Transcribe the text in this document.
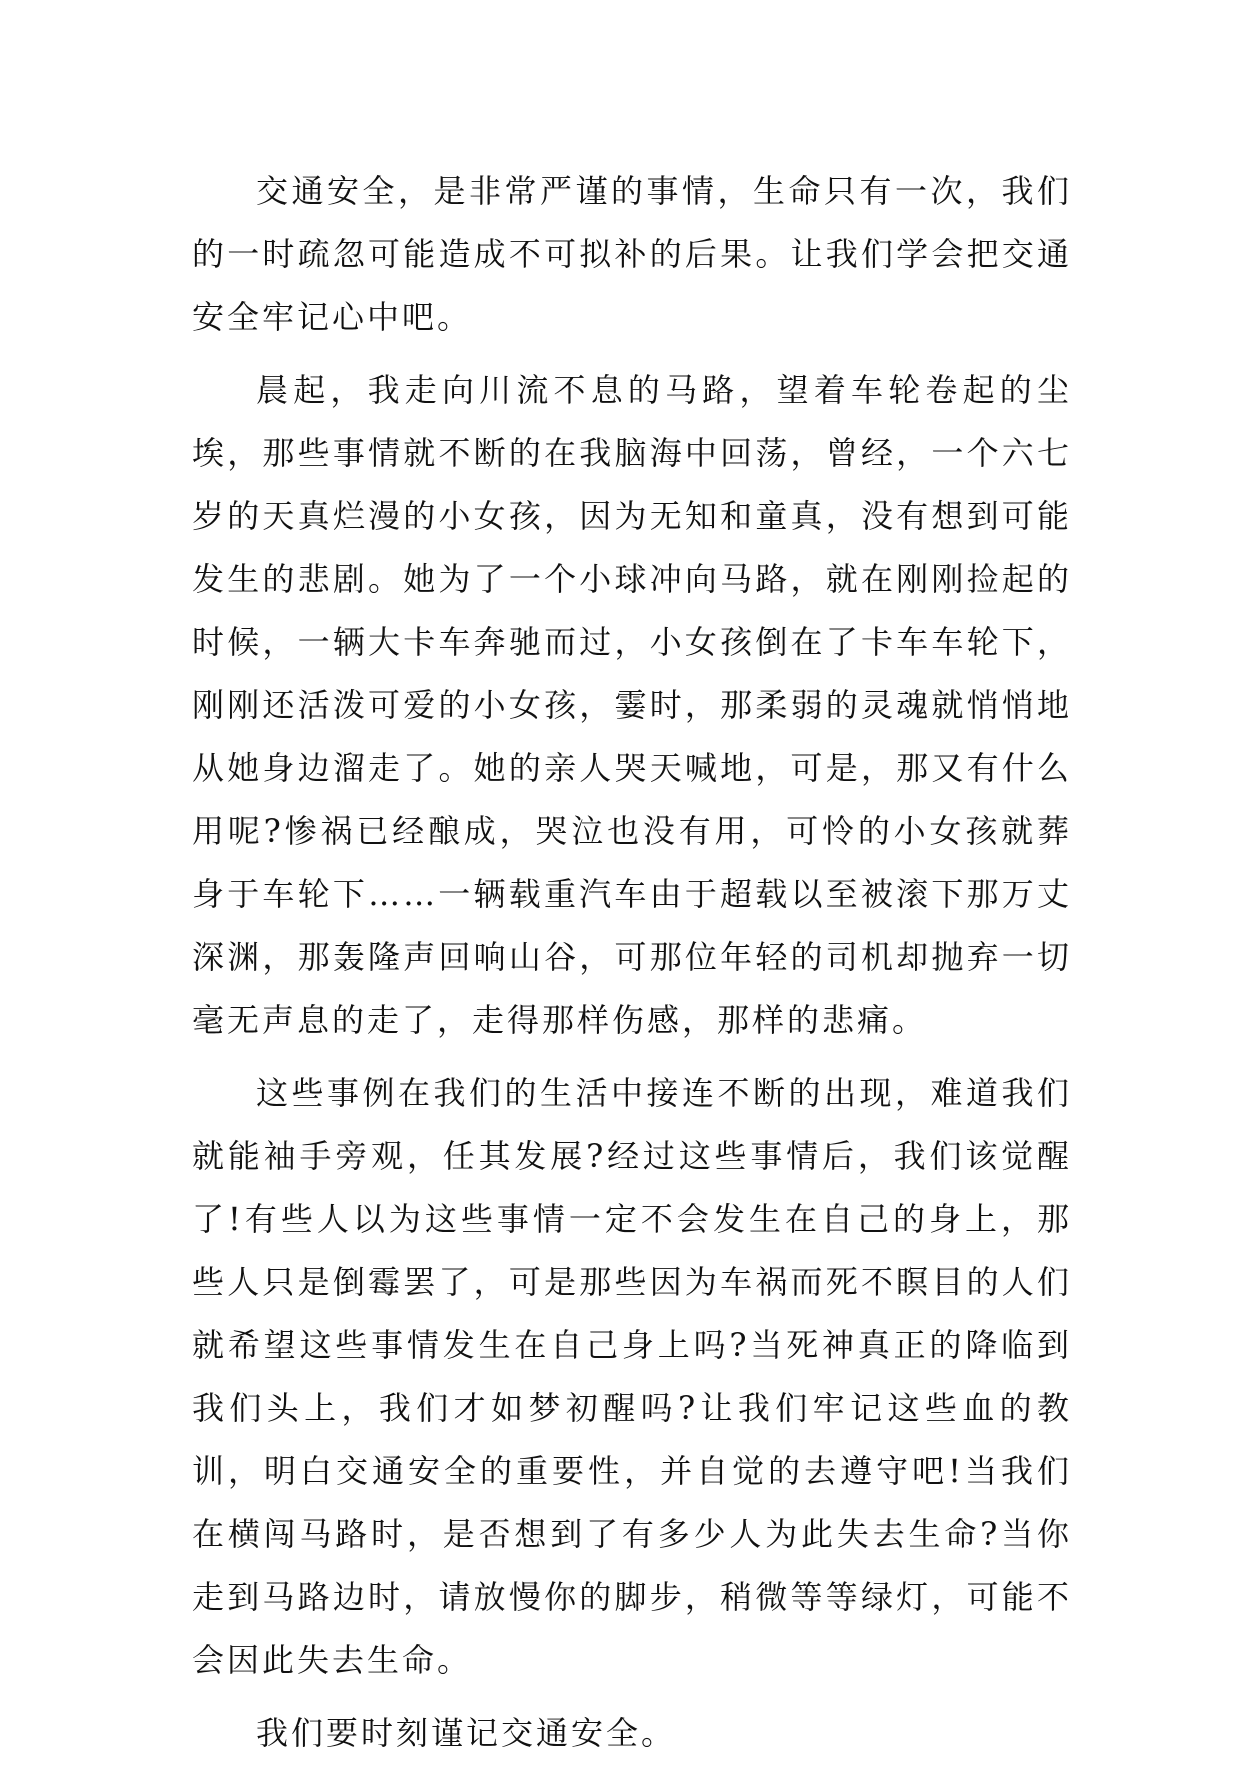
交通安全，是非常严谨的事情，生命只有一次，我们的一时疏忽可能造成不可拟补的后果。让我们学会把交通安全牢记心中吧。

晨起，我走向川流不息的马路，望着车轮卷起的尘埃，那些事情就不断的在我脑海中回荡，曾经，一个六七岁的天真烂漫的小女孩，因为无知和童真，没有想到可能发生的悲剧。她为了一个小球冲向马路，就在刚刚捡起的时候，一辆大卡车奔驰而过，小女孩倒在了卡车车轮下，刚刚还活泼可爱的小女孩，霎时，那柔弱的灵魂就悄悄地从她身边溜走了。她的亲人哭天喊地，可是，那又有什么用呢?惨祸已经酿成，哭泣也没有用，可怜的小女孩就葬身于车轮下……一辆载重汽车由于超载以至被滚下那万丈深渊，那轰隆声回响山谷，可那位年轻的司机却抛弃一切毫无声息的走了，走得那样伤感，那样的悲痛。

这些事例在我们的生活中接连不断的出现，难道我们就能袖手旁观，任其发展?经过这些事情后，我们该觉醒了!有些人以为这些事情一定不会发生在自己的身上，那些人只是倒霉罢了，可是那些因为车祸而死不瞑目的人们就希望这些事情发生在自己身上吗?当死神真正的降临到我们头上，我们才如梦初醒吗?让我们牢记这些血的教训，明白交通安全的重要性，并自觉的去遵守吧!当我们在横闯马路时，是否想到了有多少人为此失去生命?当你走到马路边时，请放慢你的脚步，稍微等等绿灯，可能不会因此失去生命。

我们要时刻谨记交通安全。
